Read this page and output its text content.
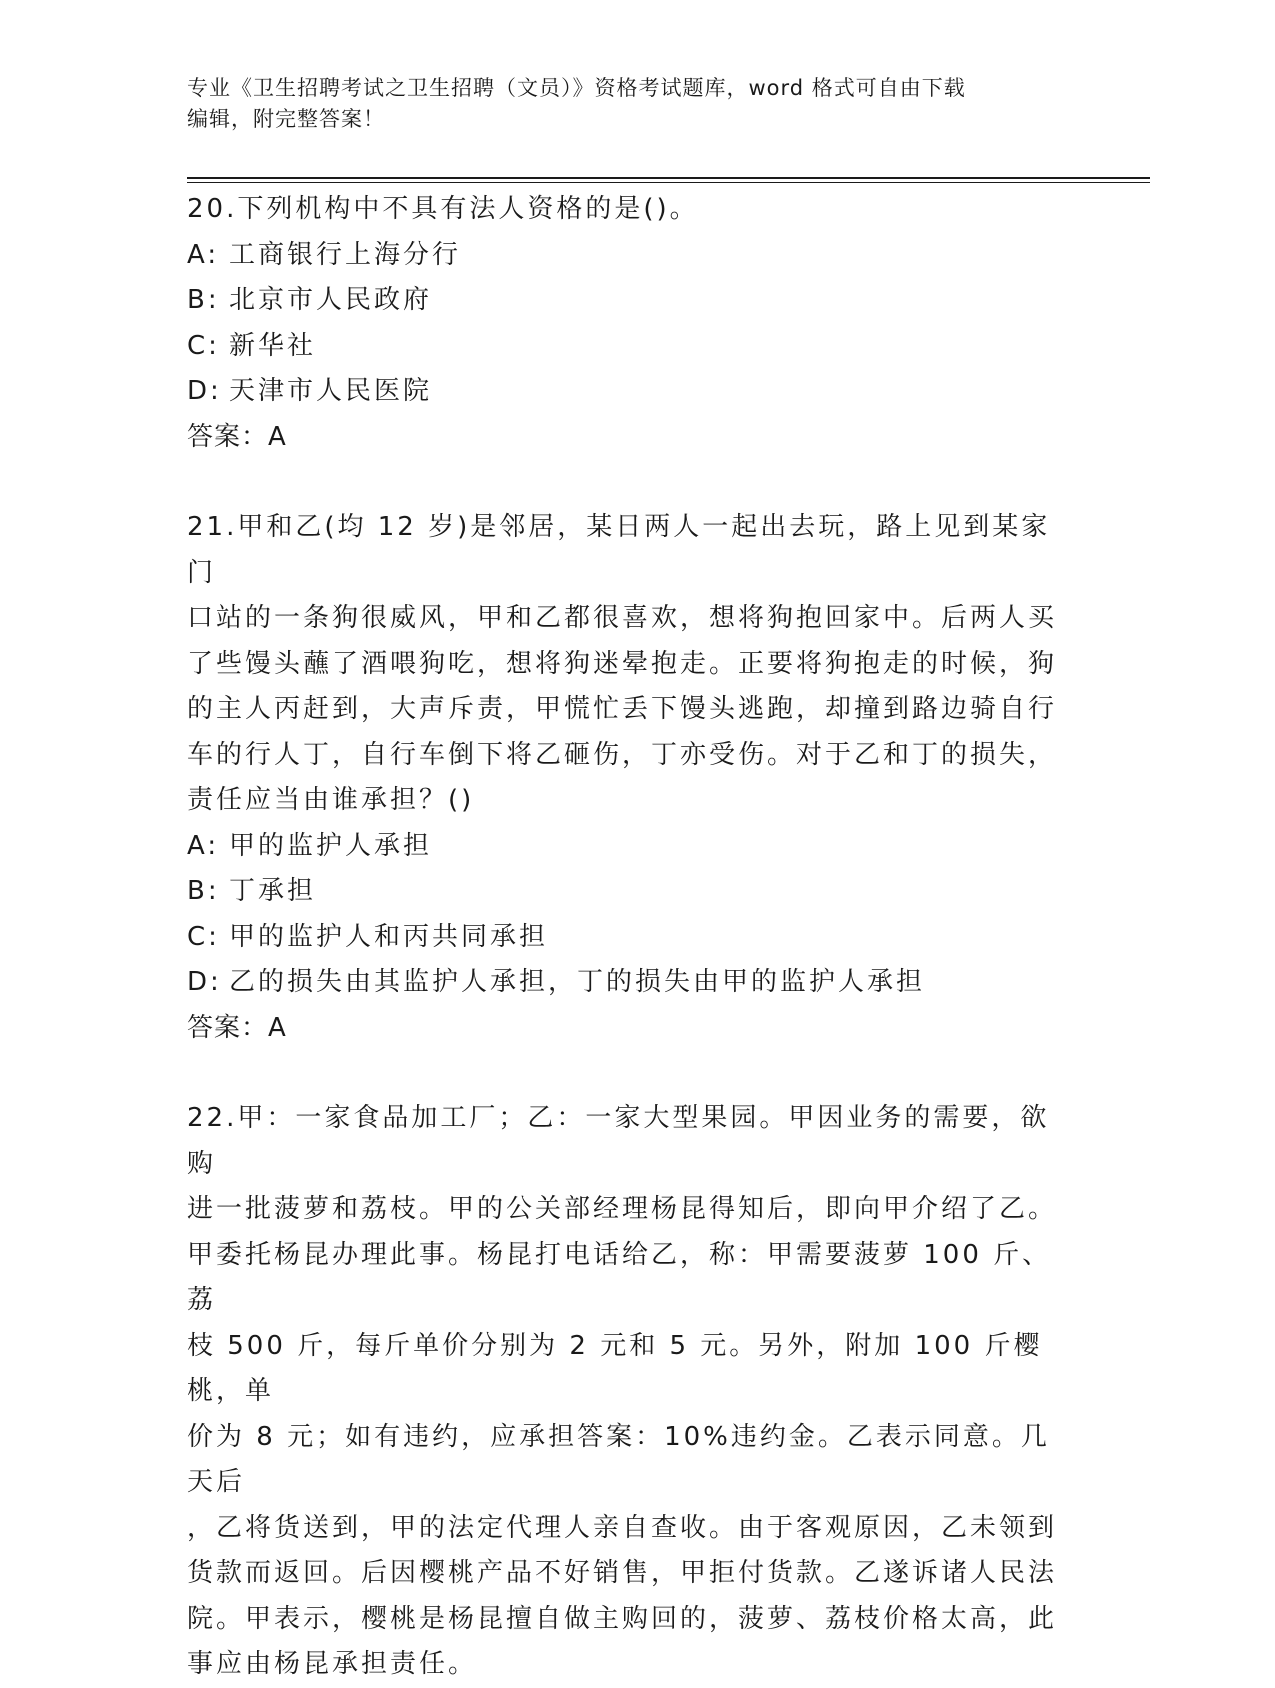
专业《卫生招聘考试之卫生招聘（文员）》资格考试题库，word 格式可自由下载
编辑，附完整答案！
20.下列机构中不具有法人资格的是()。
A: 工商银行上海分行
B: 北京市人民政府
C: 新华社
D: 天津市人民医院
答案：A
21.甲和乙(均 12 岁)是邻居，某日两人一起出去玩，路上见到某家门
口站的一条狗很威风，甲和乙都很喜欢，想将狗抱回家中。后两人买
了些馒头蘸了酒喂狗吃，想将狗迷晕抱走。正要将狗抱走的时候，狗
的主人丙赶到，大声斥责，甲慌忙丢下馒头逃跑，却撞到路边骑自行
车的行人丁，自行车倒下将乙砸伤，丁亦受伤。对于乙和丁的损失，
责任应当由谁承担？()
A: 甲的监护人承担
B: 丁承担
C: 甲的监护人和丙共同承担
D: 乙的损失由其监护人承担，丁的损失由甲的监护人承担
答案：A
22.甲：一家食品加工厂；乙：一家大型果园。甲因业务的需要，欲购
进一批菠萝和荔枝。甲的公关部经理杨昆得知后，即向甲介绍了乙。
甲委托杨昆办理此事。杨昆打电话给乙，称：甲需要菠萝 100 斤、荔
枝 500 斤，每斤单价分别为 2 元和 5 元。另外，附加 100 斤樱桃，单
价为 8 元；如有违约，应承担答案：10%违约金。乙表示同意。几天后
，乙将货送到，甲的法定代理人亲自查收。由于客观原因，乙未领到
货款而返回。后因樱桃产品不好销售，甲拒付货款。乙遂诉诸人民法
院。甲表示，樱桃是杨昆擅自做主购回的，菠萝、荔枝价格太高，此
事应由杨昆承担责任。
